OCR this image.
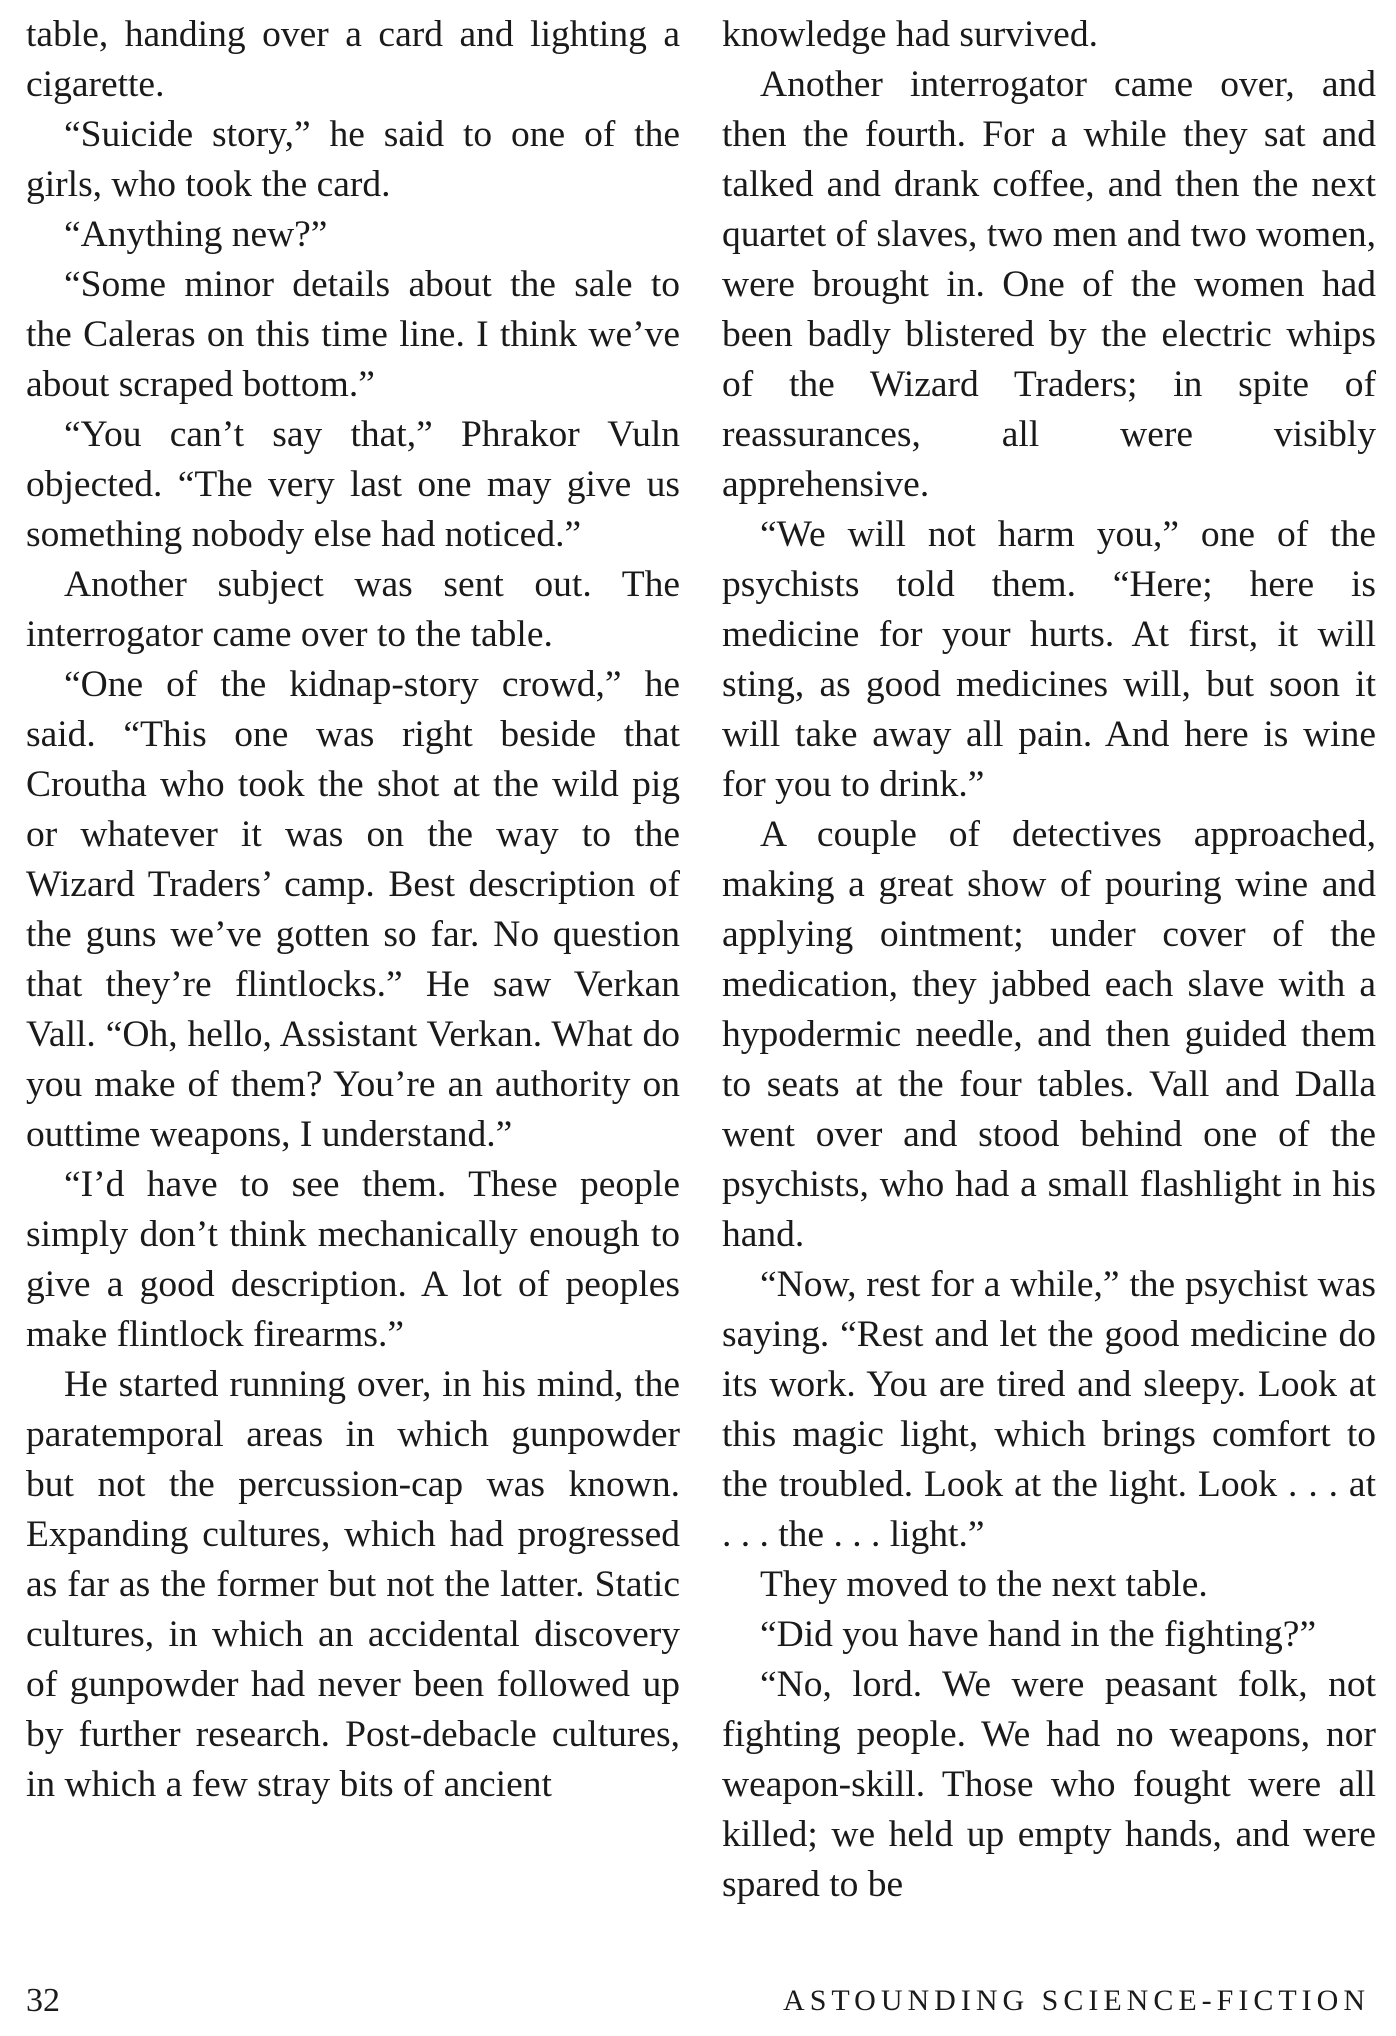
table, handing over a card and lighting a cigarette.

“Suicide story,” he said to one of the girls, who took the card.

“Anything new?”

“Some minor details about the sale to the Caleras on this time line. I think we’ve about scraped bottom.”

“You can’t say that,” Phrakor Vuln objected. “The very last one may give us something nobody else had noticed.”

Another subject was sent out. The interrogator came over to the table.

“One of the kidnap-story crowd,” he said. “This one was right beside that Croutha who took the shot at the wild pig or whatever it was on the way to the Wizard Traders’ camp. Best description of the guns we’ve gotten so far. No question that they’re flintlocks.” He saw Verkan Vall. “Oh, hello, Assistant Verkan. What do you make of them? You’re an authority on outtime weapons, I understand.”

“I’d have to see them. These people simply don’t think mechanically enough to give a good description. A lot of peoples make flintlock firearms.”

He started running over, in his mind, the paratemporal areas in which gunpowder but not the percussion-cap was known. Expanding cultures, which had progressed as far as the former but not the latter. Static cultures, in which an accidental discovery of gunpowder had never been followed up by further research. Post-debacle cultures, in which a few stray bits of ancient

knowledge had survived.

Another interrogator came over, and then the fourth. For a while they sat and talked and drank coffee, and then the next quartet of slaves, two men and two women, were brought in. One of the women had been badly blistered by the electric whips of the Wizard Traders; in spite of reassurances, all were visibly apprehensive.

“We will not harm you,” one of the psychists told them. “Here; here is medicine for your hurts. At first, it will sting, as good medicines will, but soon it will take away all pain. And here is wine for you to drink.”

A couple of detectives approached, making a great show of pouring wine and applying ointment; under cover of the medication, they jabbed each slave with a hypodermic needle, and then guided them to seats at the four tables. Vall and Dalla went over and stood behind one of the psychists, who had a small flashlight in his hand.

“Now, rest for a while,” the psychist was saying. “Rest and let the good medicine do its work. You are tired and sleepy. Look at this magic light, which brings comfort to the troubled. Look at the light. Look . . . at . . . the . . . light.”

They moved to the next table.

“Did you have hand in the fighting?”

“No, lord. We were peasant folk, not fighting people. We had no weapons, nor weapon-skill. Those who fought were all killed; we held up empty hands, and were spared to be

32	ASTOUNDING SCIENCE-FICTION
